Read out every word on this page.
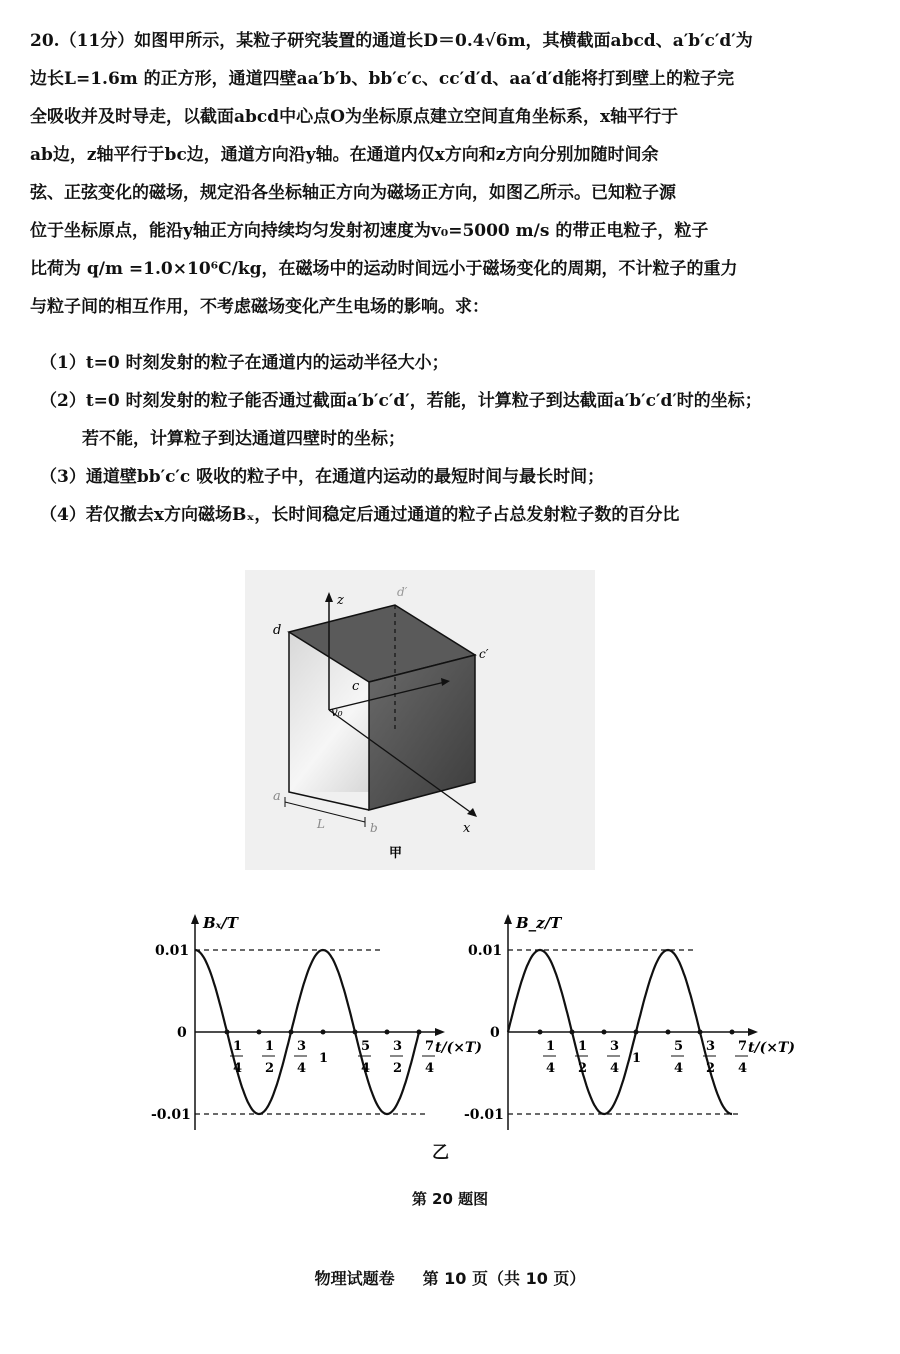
20.（11分）如图甲所示，某粒子研究装置的通道长D＝0.4√6m，其横截面abcd、a′b′c′d′为
边长L=1.6m 的正方形，通道四壁aa′b′b、bb′c′c、cc′d′d、aa′d′d能将打到壁上的粒子完
全吸收并及时导走，以截面abcd中心点O为坐标原点建立空间直角坐标系，x轴平行于
ab边，z轴平行于bc边，通道方向沿y轴。在通道内仅x方向和z方向分别加随时间余
弦、正弦变化的磁场，规定沿各坐标轴正方向为磁场正方向，如图乙所示。已知粒子源
位于坐标原点，能沿y轴正方向持续均匀发射初速度为v₀=5000 m/s 的带正电粒子，粒子
比荷为 q/m =1.0×10⁶C/kg，在磁场中的运动时间远小于磁场变化的周期，不计粒子的重力
与粒子间的相互作用，不考虑磁场变化产生电场的影响。求：
（1）t=0 时刻发射的粒子在通道内的运动半径大小；
（2）t=0 时刻发射的粒子能否通过截面a′b′c′d′，若能，计算粒子到达截面a′b′c′d′时的坐标；
若不能，计算粒子到达通道四壁时的坐标；
（3）通道壁bb′c′c 吸收的粒子中，在通道内运动的最短时间与最长时间；
（4）若仅撤去x方向磁场Bₓ，长时间稳定后通过通道的粒子占总发射粒子数的百分比
z
d′
d
c′
c
v₀
a
L	b	x
甲
0.01
0
-0.01
Bₓ/T
t/(×T)
1
4
1
2
3
4
1
5
4
3
2
7
4
0.01
0
-0.01
B_z/T
t/(×T)
1
4
1
2
3
4
1
5
4
3
2
7
4
乙
第 20 题图
物理试题卷 第 10 页（共 10 页）
